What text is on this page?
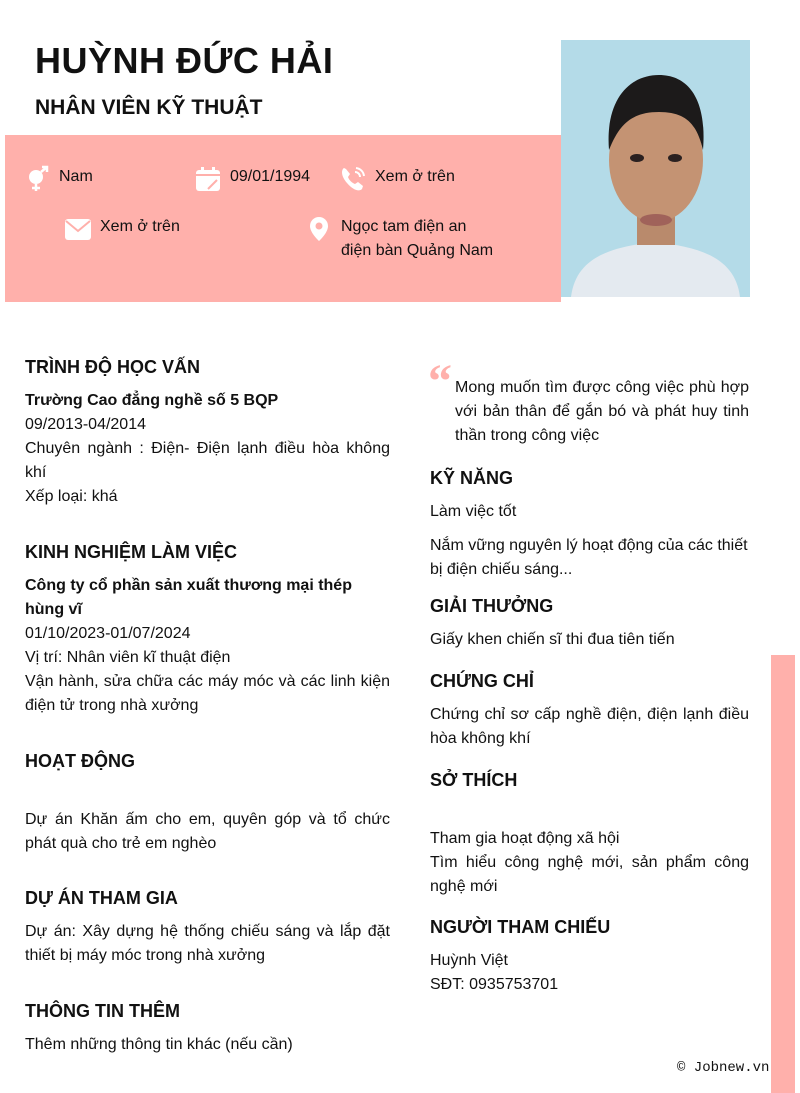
HUỲNH ĐỨC HẢI
NHÂN VIÊN KỸ THUẬT
Nam	09/01/1994	Xem ở trên
Xem ở trên	Ngọc tam điện an
điện bàn Quảng Nam
TRÌNH ĐỘ HỌC VẤN
Trường Cao đẳng nghề số 5 BQP
09/2013-04/2014
Chuyên ngành : Điện- Điện lạnh điều hòa không khí
Xếp loại: khá
KINH NGHIỆM LÀM VIỆC
Công ty cổ phần sản xuất thương mại thép hùng vĩ
01/10/2023-01/07/2024
Vị trí: Nhân viên kĩ thuật điện
Vận hành, sửa chữa các máy móc và các linh kiện điện tử trong nhà xưởng
HOẠT ĐỘNG
Dự án Khăn ấm cho em, quyên góp và tổ chức phát quà cho trẻ em nghèo
DỰ ÁN THAM GIA
Dự án: Xây dựng hệ thống chiếu sáng và lắp đặt thiết bị máy móc trong nhà xưởng
THÔNG TIN THÊM
Thêm những thông tin khác (nếu cần)
“ Mong muốn tìm được công việc phù hợp với bản thân để gắn bó và phát huy tinh thần trong công việc
KỸ NĂNG
Làm việc tốt
Nắm vững nguyên lý hoạt động của các thiết bị điện chiếu sáng...
GIẢI THƯỞNG
Giấy khen chiến sĩ thi đua tiên tiến
CHỨNG CHỈ
Chứng chỉ sơ cấp nghề điện, điện lạnh điều hòa không khí
SỞ THÍCH
Tham gia hoạt động xã hội
Tìm hiểu công nghệ mới, sản phẩm công nghệ mới
NGƯỜI THAM CHIẾU
Huỳnh Việt
SĐT: 0935753701
© Jobnew.vn
